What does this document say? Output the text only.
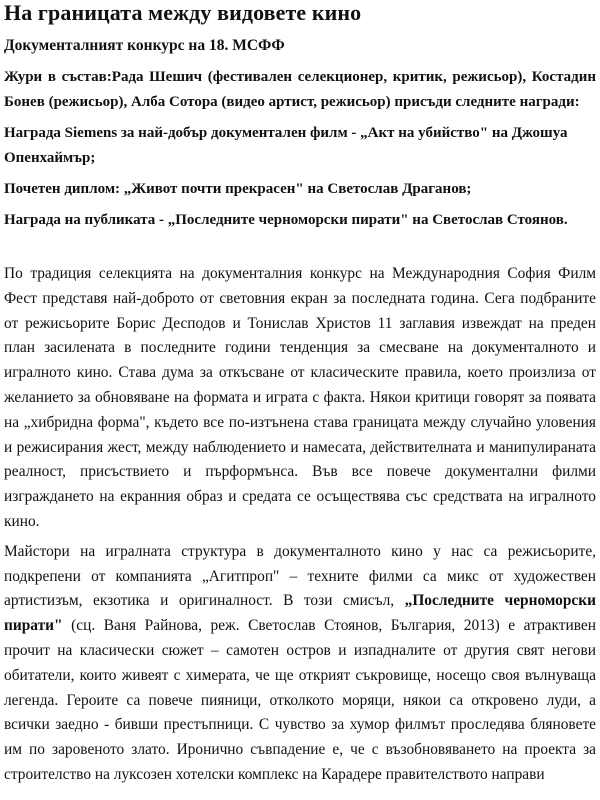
На границата между видовете кино
Документалният конкурс на 18. МСФФ

Жури в състав:Рада Шешич (фестивален селекционер, критик, режисьор), Костадин Бонев (режисьор), Алба Сотора (видео артист, режисьор) присъди следните награди:

Награда Siemens за най-добър документален филм - „Акт на убийство" на Джошуа Опенхаймър;

Почетен диплом: „Живот почти прекрасен" на Светослав Драганов;

Награда на публиката - „Последните черноморски пирати" на Светослав Стоянов.

По традиция селекцията на документалния конкурс на Международния София Филм Фест представя най-доброто от световния екран за последната година. Сега подбраните от режисьорите Борис Десподов и Тонислав Христов 11 заглавия извеждат на преден план засилената в последните години тенденция за смесване на документалното и игралното кино. Става дума за откъсване от класическите правила, което произлиза от желанието за обновяване на формата и играта с факта. Някои критици говорят за появата на „хибридна форма", където все по-изтънена става границата между случайно уловения и режисирания жест, между наблюдението и намесата, действителната и манипулираната реалност, присъствието и пърформънса. Във все повече документални филми изграждането на екранния образ и средата се осъществява със средствата на игралното кино.

Майстори на игралната структура в документалното кино у нас са режисьорите, подкрепени от компанията „Агитпроп" – техните филми са микс от художествен артистизъм, екзотика и оригиналност. В този смисъл, „Последните черноморски пирати" (сц. Ваня Райнова, реж. Светослав Стоянов, България, 2013) е атрактивен прочит на класически сюжет – самотен остров и изпадналите от другия свят негови обитатели, които живеят с химерата, че ще открият съкровище, носещо своя вълнуваща легенда. Героите са повече пияници, отколкото моряци, някои са откровено луди, а всички заедно - бивши престъпници. С чувство за хумор филмът проследява бляновете им по заровеното злато. Иронично съвпадение е, че с възобновяването на проекта за строителство на луксозен хотелски комплекс на Карадере правителството направи
